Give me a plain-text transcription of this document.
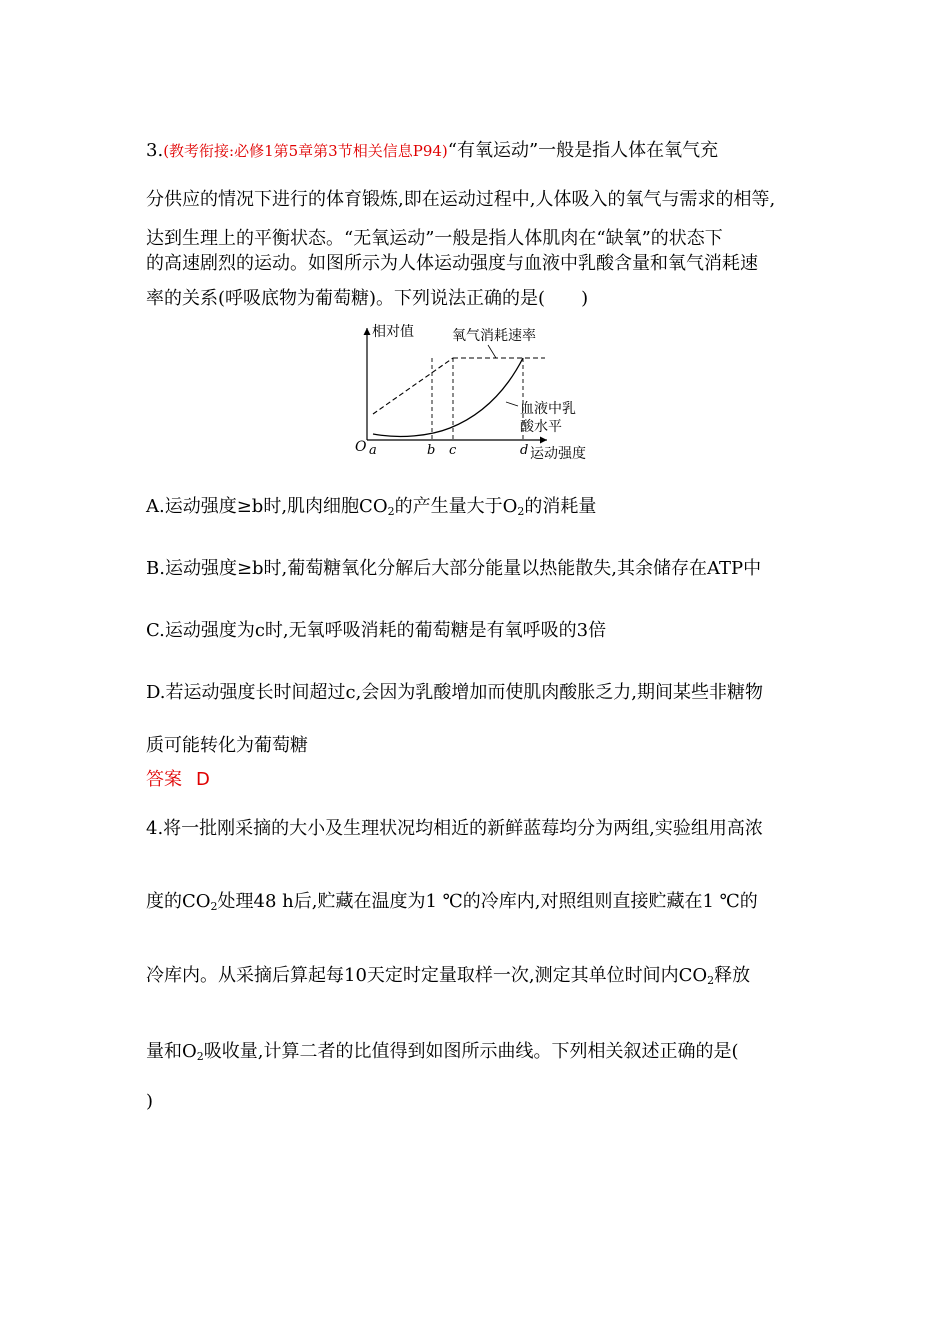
3.(教考衔接:必修1第5章第3节相关信息P94)“有氧运动”一般是指人体在氧气充
分供应的情况下进行的体育锻炼,即在运动过程中,人体吸入的氧气与需求的相等,
达到生理上的平衡状态。“无氧运动”一般是指人体肌肉在“缺氧”的状态下
的高速剧烈的运动。如图所示为人体运动强度与血液中乳酸含量和氧气消耗速
率的关系(呼吸底物为葡萄糖)。下列说法正确的是(　　)
相对值
运动强度
O a	b c	d
氧气消耗速率
血液中乳
酸水平
A.运动强度≥b时,肌肉细胞$CO_2$的产生量大于$O_2$的消耗量
B.运动强度≥b时,葡萄糖氧化分解后大部分能量以热能散失,其余储存在ATP中
C.运动强度为c时,无氧呼吸消耗的葡萄糖是有氧呼吸的3倍
D.若运动强度长时间超过c,会因为乳酸增加而使肌肉酸胀乏力,期间某些非糖物
质可能转化为葡萄糖
答案 D
4.将一批刚采摘的大小及生理状况均相近的新鲜蓝莓均分为两组,实验组用高浓
度的$CO_2$处理48 h后,贮藏在温度为1 ℃的冷库内,对照组则直接贮藏在1 ℃的
冷库内。从采摘后算起每10天定时定量取样一次,测定其单位时间内$CO_2$释放
量和$O_2$吸收量,计算二者的比值得到如图所示曲线。下列相关叙述正确的是(
)
